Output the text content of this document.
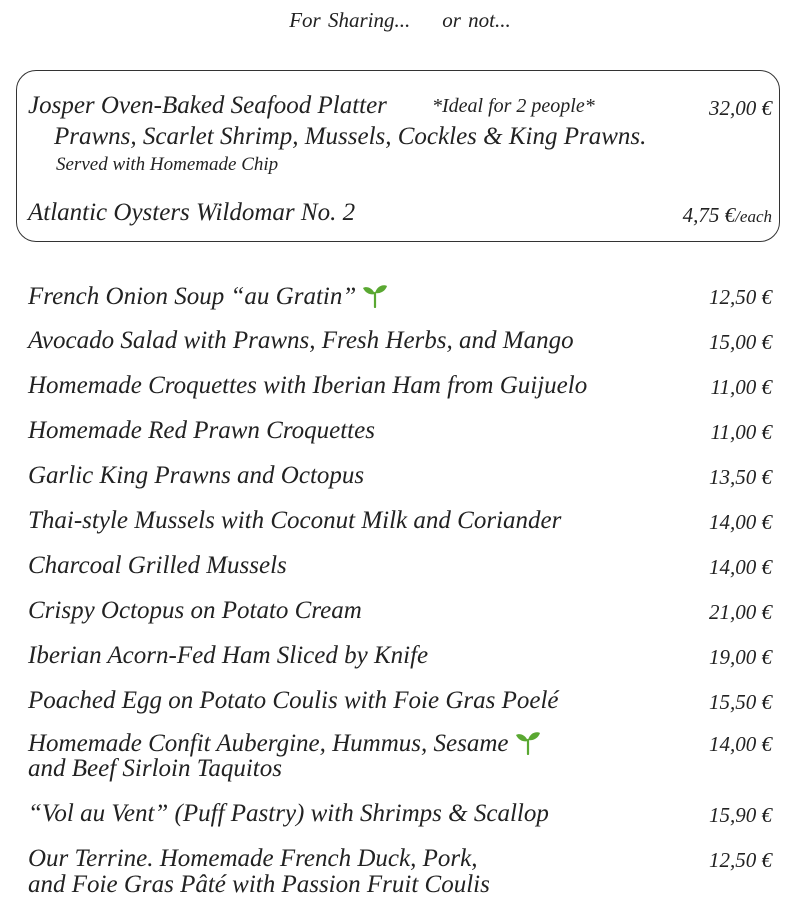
For Sharing... or not...
Josper Oven-Baked Seafood Platter *Ideal for 2 people*	32,00 €
Prawns, Scarlet Shrimp, Mussels, Cockles & King Prawns.
Served with Homemade Chip
Atlantic Oysters Wildomar No. 2	4,75 €/each
French Onion Soup “au Gratin”	12,50 €
Avocado Salad with Prawns, Fresh Herbs, and Mango	15,00 €
Homemade Croquettes with Iberian Ham from Guijuelo	11,00 €
Homemade Red Prawn Croquettes	11,00 €
Garlic King Prawns and Octopus	13,50 €
Thai-style Mussels with Coconut Milk and Coriander	14,00 €
Charcoal Grilled Mussels	14,00 €
Crispy Octopus on Potato Cream	21,00 €
Iberian Acorn-Fed Ham Sliced by Knife	19,00 €
Poached Egg on Potato Coulis with Foie Gras Poelé	15,50 €
Homemade Confit Aubergine, Hummus, Sesame
and Beef Sirloin Taquitos
14,00 €
“Vol au Vent” (Puff Pastry) with Shrimps & Scallop	15,90 €
Our Terrine. Homemade French Duck, Pork,
and Foie Gras Pâté with Passion Fruit Coulis
12,50 €
